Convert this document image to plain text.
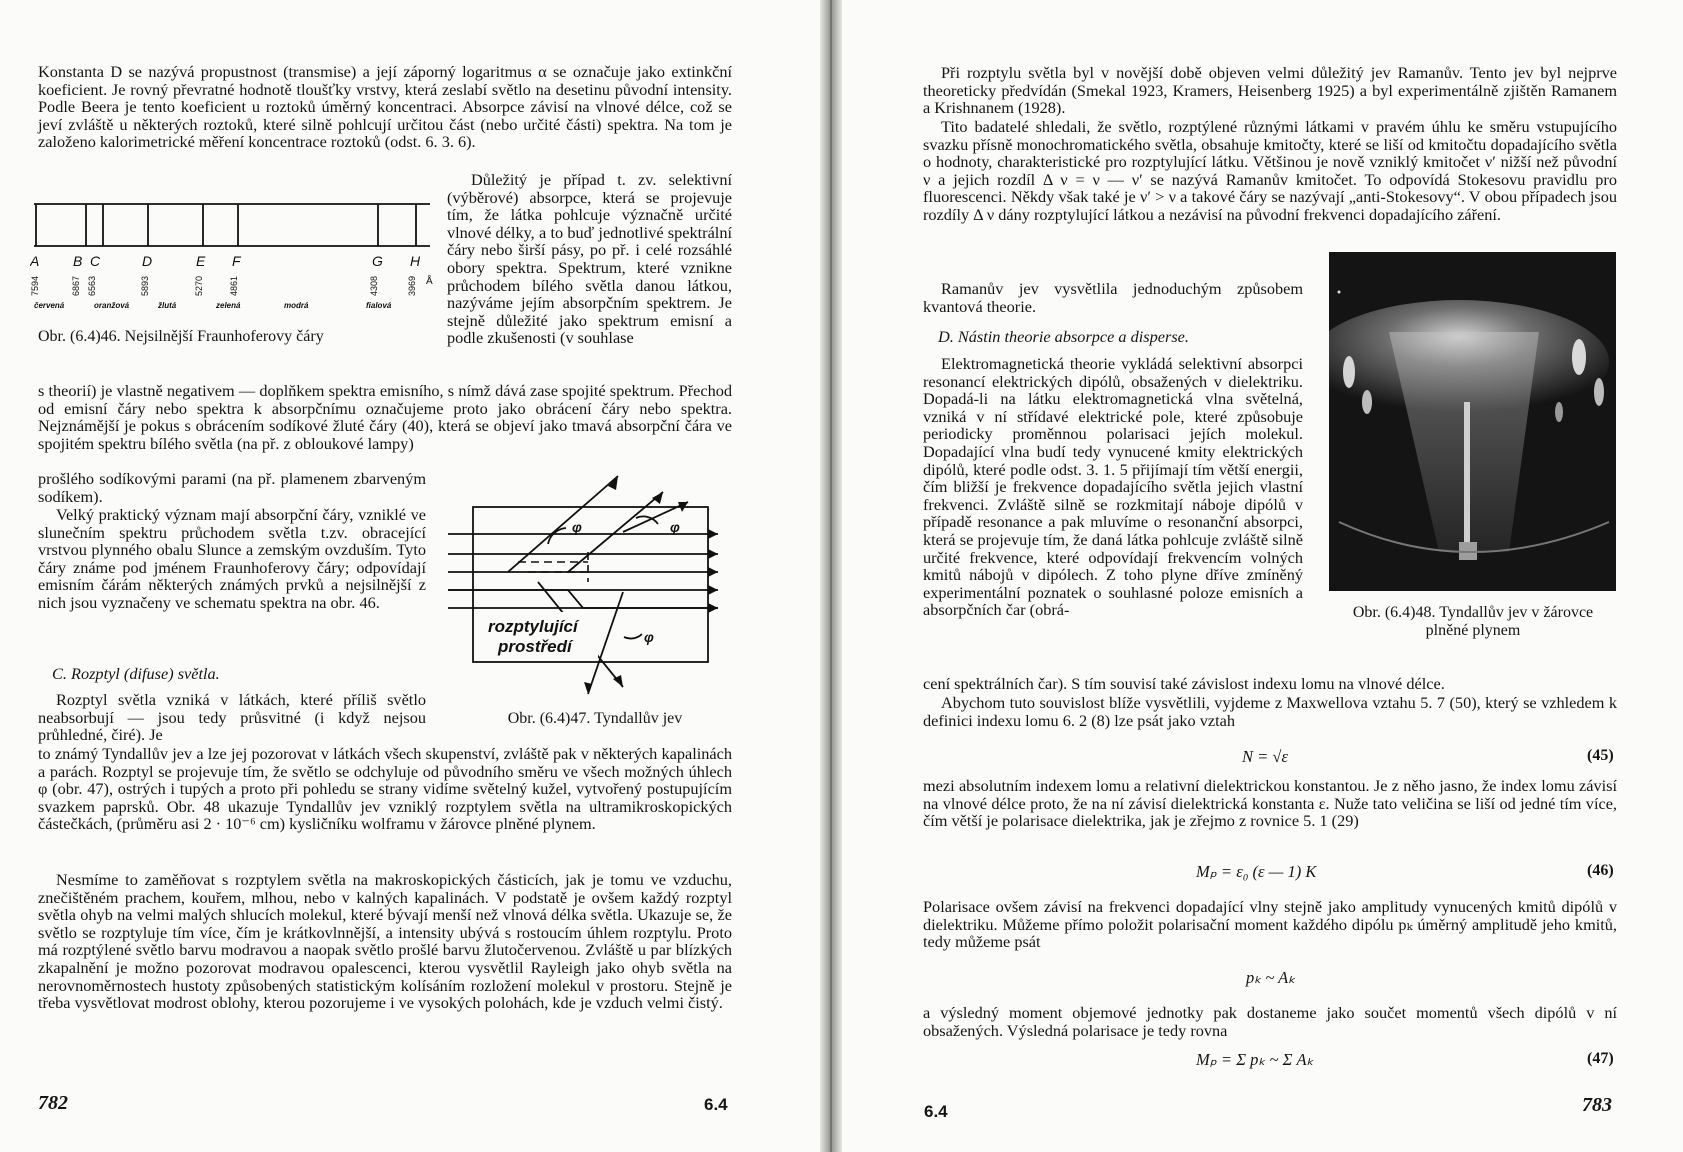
Konstanta D se nazývá propustnost (transmise) a její záporný logaritmus α se označuje jako extinkční koeficient. Je rovný převratné hodnotě tloušťky vrstvy, která zeslabí světlo na desetinu původní intensity. Podle Beera je tento koeficient u roztoků úměrný koncentraci. Absorpce závisí na vlnové délce, což se jeví zvláště u některých roztoků, které silně pohlcují určitou část (nebo určité části) spektra. Na tom je založeno kalorimetrické měření koncentrace roztoků (odst. 6. 3. 6).

A B C	D	E F	G H
7594	6867 6563	5893	5270	4861	4308	3969 Å
červená	oranžová	žlutá	zelená	modrá	fialová

Obr. (6.4)46. Nejsilnější Fraunhoferovy čáry

Důležitý je případ t. zv. selektivní (výběrové) absorpce, která se projevuje tím, že látka pohlcuje význačně určité vlnové délky, a to buď jednotlivé spektrální čáry nebo širší pásy, po př. i celé rozsáhlé obory spektra. Spektrum, které vznikne průchodem bílého světla danou látkou, nazýváme jejím absorpčním spektrem. Je stejně důležité jako spektrum emisní a podle zkušenosti (v souhlase

s theorií) je vlastně negativem — doplňkem spektra emisního, s nímž dává zase spojité spektrum. Přechod od emisní čáry nebo spektra k absorpčnímu označujeme proto jako obrácení čáry nebo spektra. Nejznámější je pokus s obrácením sodíkové žluté čáry (40), která se objeví jako tmavá absorpční čára ve spojitém spektru bílého světla (na př. z obloukové lampy)

prošlého sodíkovými parami (na př. plamenem zbarveným sodíkem).

Velký praktický význam mají absorpční čáry, vzniklé ve slunečním spektru průchodem světla t.zv. obracející vrstvou plynného obalu Slunce a zemským ovzduším. Tyto čáry známe pod jménem Fraunhoferovy čáry; odpovídají emisním čárám některých známých prvků a nejsilnější z nich jsou vyznačeny ve schematu spektra na obr. 46.

rozptylující
prostředí
φ	φ
φ

C. Rozptyl (difuse) světla.

Rozptyl světla vzniká v látkách, které příliš světlo neabsorbují — jsou tedy průsvitné (i když nejsou průhledné, čiré). Je

Obr. (6.4)47. Tyndallův jev

to známý Tyndallův jev a lze jej pozorovat v látkách všech skupenství, zvláště pak v některých kapalinách a parách. Rozptyl se projevuje tím, že světlo se odchyluje od původního směru ve všech možných úhlech φ (obr. 47), ostrých i tupých a proto při pohledu se strany vidíme světelný kužel, vytvořený postupujícím svazkem paprsků. Obr. 48 ukazuje Tyndallův jev vzniklý rozptylem světla na ultramikroskopických částečkách, (průměru asi 2 · 10⁻⁶ cm) kysličníku wolframu v žárovce plněné plynem.

Nesmíme to zaměňovat s rozptylem světla na makroskopických částicích, jak je tomu ve vzduchu, znečištěném prachem, kouřem, mlhou, nebo v kalných kapalinách. V podstatě je ovšem každý rozptyl světla ohyb na velmi malých shlucích molekul, které bývají menší než vlnová délka světla. Ukazuje se, že světlo se rozptyluje tím více, čím je krátkovlnnější, a intensity ubývá s rostoucím úhlem rozptylu. Proto má rozptýlené světlo barvu modravou a naopak světlo prošlé barvu žlutočervenou. Zvláště u par blízkých zkapalnění je možno pozorovat modravou opalescenci, kterou vysvětlil Rayleigh jako ohyb světla na nerovnoměrnostech hustoty způsobených statistickým kolísáním rozložení molekul v prostoru. Stejně je třeba vysvětlovat modrost oblohy, kterou pozorujeme i ve vysokých polohách, kde je vzduch velmi čistý.

782	6.4

Při rozptylu světla byl v novější době objeven velmi důležitý jev Ramanův. Tento jev byl nejprve theoreticky předvídán (Smekal 1923, Kramers, Heisenberg 1925) a byl experimentálně zjištěn Ramanem a Krishnanem (1928).

Tito badatelé shledali, že světlo, rozptýlené různými látkami v pravém úhlu ke směru vstupujícího svazku přísně monochromatického světla, obsahuje kmitočty, které se liší od kmitočtu dopadajícího světla o hodnoty, charakteristické pro rozptylující látku. Většinou je nově vzniklý kmitočet ν′ nižší než původní ν a jejich rozdíl Δ ν = ν — ν′ se nazývá Ramanův kmitočet. To odpovídá Stokesovu pravidlu pro fluorescenci. Někdy však také je ν′ > ν a takové čáry se nazývají „anti-Stokesovy“. V obou případech jsou rozdíly Δ ν dány rozptylující látkou a nezávisí na původní frekvenci dopadajícího záření.

Ramanův jev vysvětlila jednoduchým způsobem kvantová theorie.

D. Nástin theorie absorpce a disperse.

Elektromagnetická theorie vykládá selektivní absorpci resonancí elektrických dipólů, obsažených v dielektriku. Dopadá-li na látku elektromagnetická vlna světelná, vzniká v ní střídavé elektrické pole, které způsobuje periodicky proměnnou polarisaci jejích molekul. Dopadající vlna budí tedy vynucené kmity elektrických dipólů, které podle odst. 3. 1. 5 přijímají tím větší energii, čím bližší je frekvence dopadajícího světla jejich vlastní frekvenci. Zvláště silně se rozkmitají náboje dipólů v případě resonance a pak mluvíme o resonanční absorpci, která se projevuje tím, že daná látka pohlcuje zvláště silně určité frekvence, které odpovídají frekvencím volných kmitů nábojů v dipólech. Z toho plyne dříve zmíněný experimentální poznatek o souhlasné poloze emisních a absorpčních čar (obrá-	Obr. (6.4)48. Tyndallův jev v žárovce plněné plynem

cení spektrálních čar). S tím souvisí také závislost indexu lomu na vlnové délce.

Abychom tuto souvislost blíže vysvětlili, vyjdeme z Maxwellova vztahu 5. 7 (50), který se vzhledem k definici indexu lomu 6. 2 (8) lze psát jako vztah

N = √ε	(45)

mezi absolutním indexem lomu a relativní dielektrickou konstantou. Je z něho jasno, že index lomu závisí na vlnové délce proto, že na ní závisí dielektrická konstanta ε. Nuže tato veličina se liší od jedné tím více, čím větší je polarisace dielektrika, jak je zřejmo z rovnice 5. 1 (29)

Mₚ = ε₀ (ε — 1) K	(46)

Polarisace ovšem závisí na frekvenci dopadající vlny stejně jako amplitudy vynucených kmitů dipólů v dielektriku. Můžeme přímo položit polarisační moment každého dipólu pₖ úměrný amplitudě jeho kmitů, tedy můžeme psát

pₖ ~ Aₖ

a výsledný moment objemové jednotky pak dostaneme jako součet momentů všech dipólů v ní obsažených. Výsledná polarisace je tedy rovna

Mₚ = Σ pₖ ~ Σ Aₖ	(47)

6.4	783
